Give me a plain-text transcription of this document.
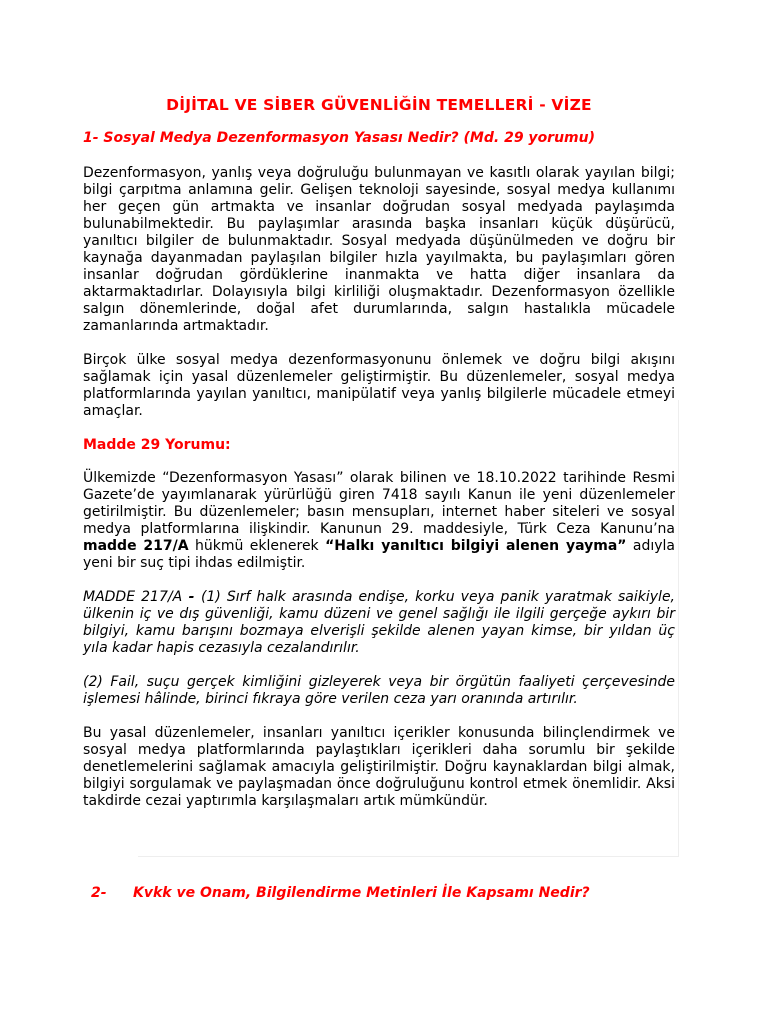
DİJİTAL VE SİBER GÜVENLİĞİN TEMELLERİ - VİZE
1- Sosyal Medya Dezenformasyon Yasası Nedir? (Md. 29 yorumu)

Dezenformasyon, yanlış veya doğruluğu bulunmayan ve kasıtlı olarak yayılan bilgi; bilgi çarpıtma anlamına gelir. Gelişen teknoloji sayesinde, sosyal medya kullanımı her geçen gün artmakta ve insanlar doğrudan sosyal medyada paylaşımda bulunabilmektedir. Bu paylaşımlar arasında başka insanları küçük düşürücü, yanıltıcı bilgiler de bulunmaktadır. Sosyal medyada düşünülmeden ve doğru bir kaynağa dayanmadan paylaşılan bilgiler hızla yayılmakta, bu paylaşımları gören insanlar doğrudan gördüklerine inanmakta ve hatta diğer insanlara da aktarmaktadırlar. Dolayısıyla bilgi kirliliği oluşmaktadır. Dezenformasyon özellikle salgın dönemlerinde, doğal afet durumlarında, salgın hastalıkla mücadele zamanlarında artmaktadır.

Birçok ülke sosyal medya dezenformasyonunu önlemek ve doğru bilgi akışını sağlamak için yasal düzenlemeler geliştirmiştir. Bu düzenlemeler, sosyal medya platformlarında yayılan yanıltıcı, manipülatif veya yanlış bilgilerle mücadele etmeyi amaçlar.

Madde 29 Yorumu:

Ülkemizde “Dezenformasyon Yasası” olarak bilinen ve 18.10.2022 tarihinde Resmi Gazete’de yayımlanarak yürürlüğü giren 7418 sayılı Kanun ile yeni düzenlemeler getirilmiştir. Bu düzenlemeler; basın mensupları, internet haber siteleri ve sosyal medya platformlarına ilişkindir. Kanunun 29. maddesiyle, Türk Ceza Kanunu’na madde 217/A hükmü eklenerek “Halkı yanıltıcı bilgiyi alenen yayma” adıyla yeni bir suç tipi ihdas edilmiştir.

MADDE 217/A - (1) Sırf halk arasında endişe, korku veya panik yaratmak saikiyle, ülkenin iç ve dış güvenliği, kamu düzeni ve genel sağlığı ile ilgili gerçeğe aykırı bir bilgiyi, kamu barışını bozmaya elverişli şekilde alenen yayan kimse, bir yıldan üç yıla kadar hapis cezasıyla cezalandırılır.

(2) Fail, suçu gerçek kimliğini gizleyerek veya bir örgütün faaliyeti çerçevesinde işlemesi hâlinde, birinci fıkraya göre verilen ceza yarı oranında artırılır.

Bu yasal düzenlemeler, insanları yanıltıcı içerikler konusunda bilinçlendirmek ve sosyal medya platformlarında paylaştıkları içerikleri daha sorumlu bir şekilde denetlemelerini sağlamak amacıyla geliştirilmiştir. Doğru kaynaklardan bilgi almak, bilgiyi sorgulamak ve paylaşmadan önce doğruluğunu kontrol etmek önemlidir. Aksi takdirde cezai yaptırımla karşılaşmaları artık mümkündür.

2- Kvkk ve Onam, Bilgilendirme Metinleri İle Kapsamı Nedir?
